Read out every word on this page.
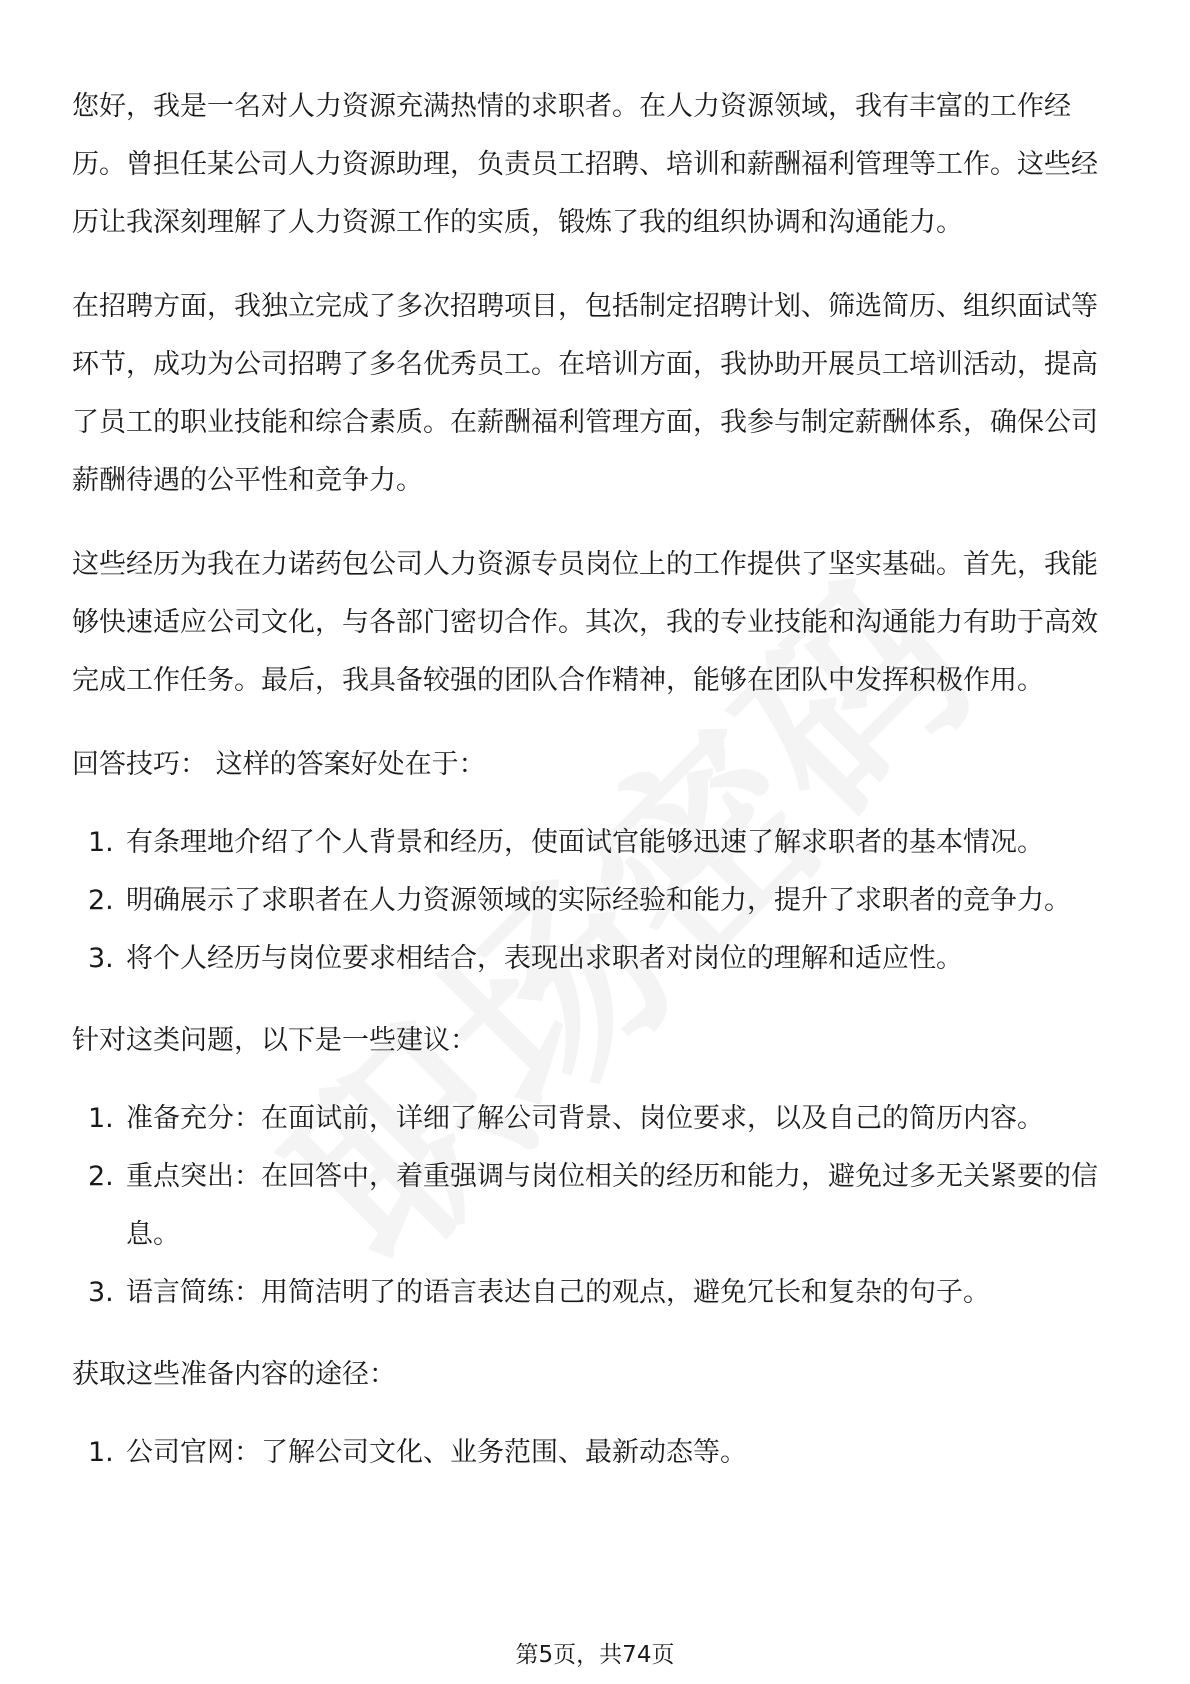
您好，我是一名对人力资源充满热情的求职者。在人力资源领域，我有丰富的工作经历。曾担任某公司人力资源助理，负责员工招聘、培训和薪酬福利管理等工作。这些经历让我深刻理解了人力资源工作的实质，锻炼了我的组织协调和沟通能力。

在招聘方面，我独立完成了多次招聘项目，包括制定招聘计划、筛选简历、组织面试等环节，成功为公司招聘了多名优秀员工。在培训方面，我协助开展员工培训活动，提高了员工的职业技能和综合素质。在薪酬福利管理方面，我参与制定薪酬体系，确保公司薪酬待遇的公平性和竞争力。

这些经历为我在力诺药包公司人力资源专员岗位上的工作提供了坚实基础。首先，我能够快速适应公司文化，与各部门密切合作。其次，我的专业技能和沟通能力有助于高效完成工作任务。最后，我具备较强的团队合作精神，能够在团队中发挥积极作用。

回答技巧： 这样的答案好处在于：

1. 有条理地介绍了个人背景和经历，使面试官能够迅速了解求职者的基本情况。
2. 明确展示了求职者在人力资源领域的实际经验和能力，提升了求职者的竞争力。
3. 将个人经历与岗位要求相结合，表现出求职者对岗位的理解和适应性。

针对这类问题，以下是一些建议：

1. 准备充分：在面试前，详细了解公司背景、岗位要求，以及自己的简历内容。
2. 重点突出：在回答中，着重强调与岗位相关的经历和能力，避免过多无关紧要的信息。
3. 语言简练：用简洁明了的语言表达自己的观点，避免冗长和复杂的句子。

获取这些准备内容的途径：

1. 公司官网：了解公司文化、业务范围、最新动态等。
第5页，共74页
